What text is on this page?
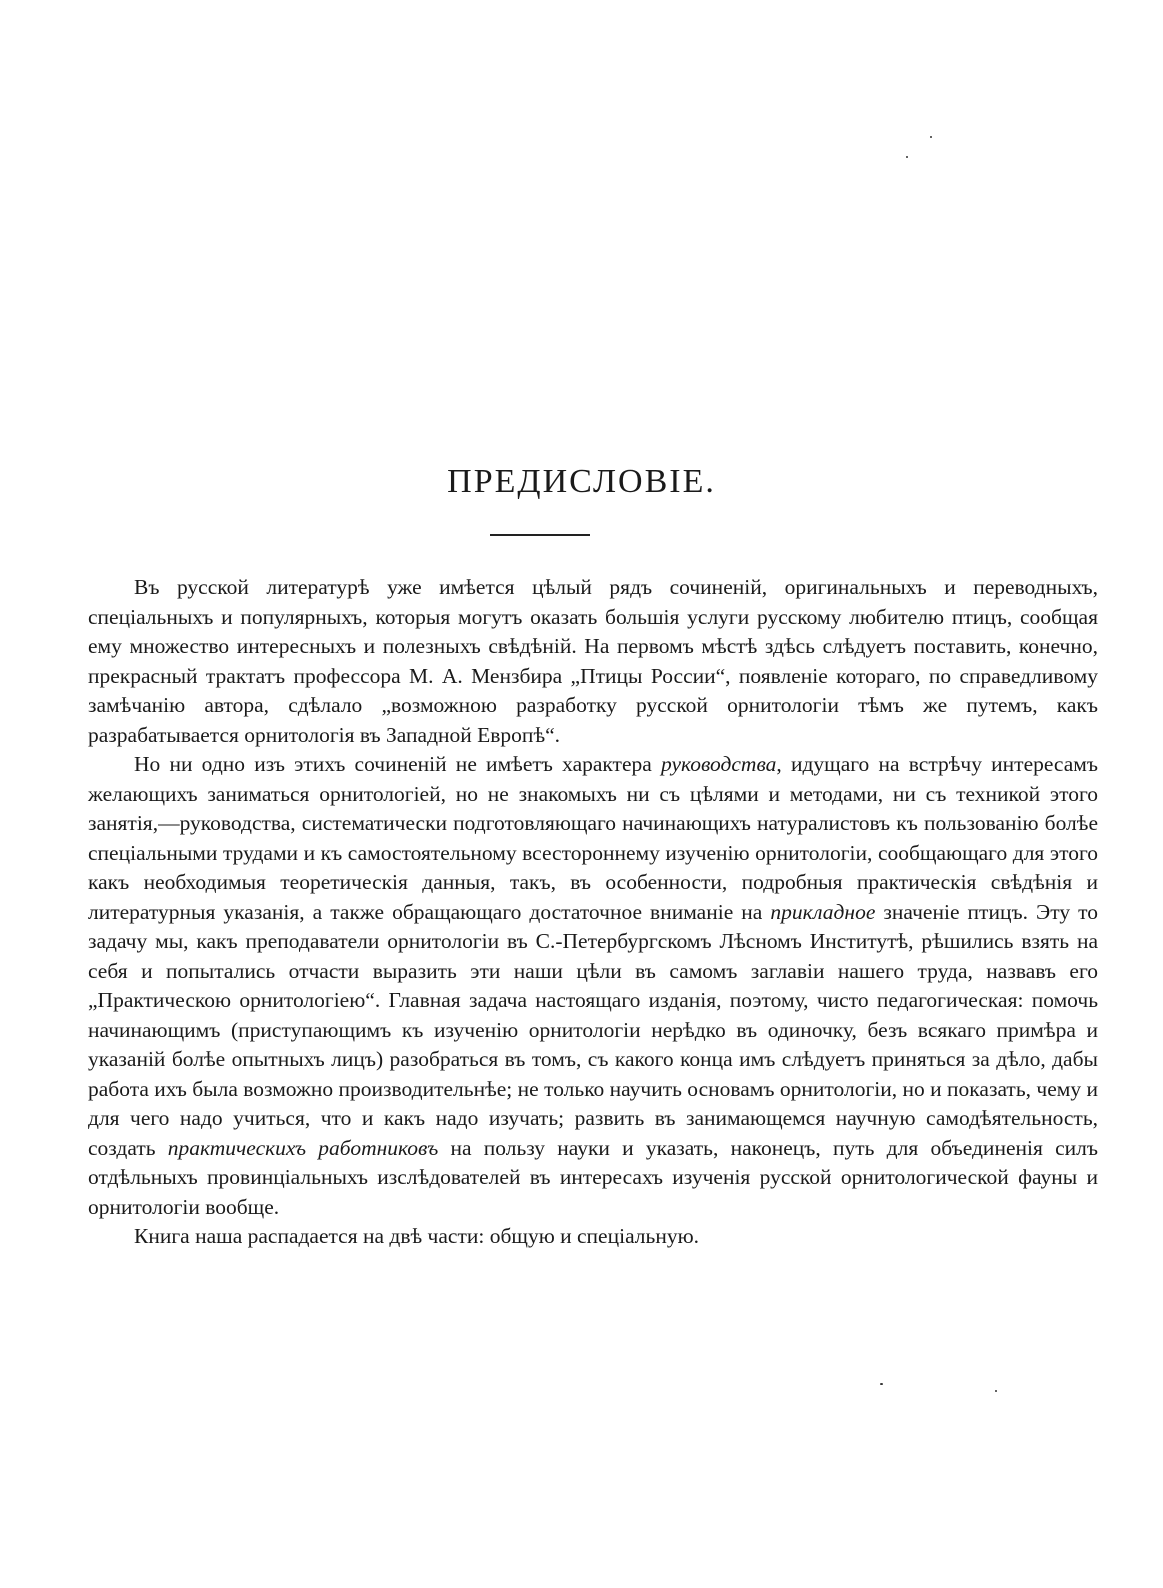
ПРЕДИСЛОВІЕ.

Въ русской литературѣ уже имѣется цѣлый рядъ сочиненій, оригинальныхъ и переводныхъ, спеціальныхъ и популярныхъ, которыя могутъ оказать большія услуги русскому любителю птицъ, сообщая ему множество интересныхъ и полезныхъ свѣдѣній. На первомъ мѣстѣ здѣсь слѣдуетъ поставить, конечно, прекрасный трактатъ профессора М. А. Мензбира „Птицы России“, появленіе котораго, по справедливому замѣчанію автора, сдѣлало „возможною разработку русской орнитологіи тѣмъ же путемъ, какъ разрабатывается орнитологія въ Западной Европѣ“.

Но ни одно изъ этихъ сочиненій не имѣетъ характера руководства, идущаго на встрѣчу интересамъ желающихъ заниматься орнитологіей, но не знакомыхъ ни съ цѣлями и методами, ни съ техникой этого занятія,—руководства, систематически подготовляющаго начинающихъ натуралистовъ къ пользованію болѣе спеціальными трудами и къ самостоятельному всестороннему изученію орнитологіи, сообщающаго для этого какъ необходимыя теоретическія данныя, такъ, въ особенности, подробныя практическія свѣдѣнія и литературныя указанія, а также обращающаго достаточное вниманіе на прикладное значеніе птицъ. Эту то задачу мы, какъ преподаватели орнитологіи въ С.-Петербургскомъ Лѣсномъ Институтѣ, рѣшились взять на себя и попытались отчасти выразить эти наши цѣли въ самомъ заглавіи нашего труда, назвавъ его „Практическою орнитологіею“. Главная задача настоящаго изданія, поэтому, чисто педагогическая: помочь начинающимъ (приступающимъ къ изученію орнитологіи нерѣдко въ одиночку, безъ всякаго примѣра и указаній болѣе опытныхъ лицъ) разобраться въ томъ, съ какого конца имъ слѣдуетъ приняться за дѣло, дабы работа ихъ была возможно производительнѣе; не только научить основамъ орнитологіи, но и показать, чему и для чего надо учиться, что и какъ надо изучать; развить въ занимающемся научную самодѣятельность, создать практическихъ работниковъ на пользу науки и указать, наконецъ, путь для объединенія силъ отдѣльныхъ провинціальныхъ изслѣдователей въ интересахъ изученія русской орнитологической фауны и орнитологіи вообще.

Книга наша распадается на двѣ части: общую и спеціальную.
